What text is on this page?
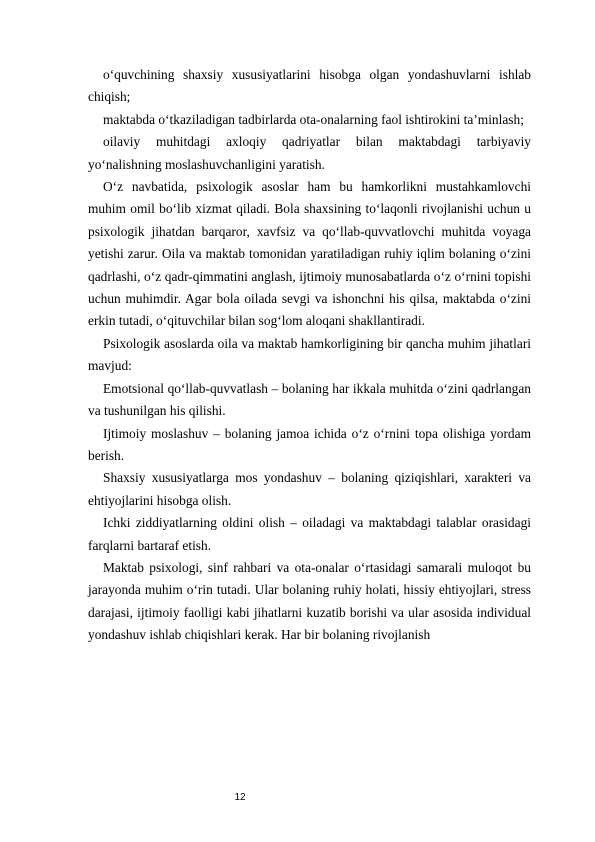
o‘quvchining shaxsiy xususiyatlarini hisobga olgan yondashuvlarni ishlab chiqish;

maktabda o‘tkaziladigan tadbirlarda ota-onalarning faol ishtirokini ta’minlash;

oilaviy muhitdagi axloqiy qadriyatlar bilan maktabdagi tarbiyaviy yo‘nalishning moslashuvchanligini yaratish.

O‘z navbatida, psixologik asoslar ham bu hamkorlikni mustahkamlovchi muhim omil bo‘lib xizmat qiladi. Bola shaxsining to‘laqonli rivojlanishi uchun u psixologik jihatdan barqaror, xavfsiz va qo‘llab-quvvatlovchi muhitda voyaga yetishi zarur. Oila va maktab tomonidan yaratiladigan ruhiy iqlim bolaning o‘zini qadrlashi, o‘z qadr-qimmatini anglash, ijtimoiy munosabatlarda o‘z o‘rnini topishi uchun muhimdir. Agar bola oilada sevgi va ishonchni his qilsa, maktabda o‘zini erkin tutadi, o‘qituvchilar bilan sog‘lom aloqani shakllantiradi.

Psixologik asoslarda oila va maktab hamkorligining bir qancha muhim jihatlari mavjud:

Emotsional qo‘llab-quvvatlash – bolaning har ikkala muhitda o‘zini qadrlangan va tushunilgan his qilishi.

Ijtimoiy moslashuv – bolaning jamoa ichida o‘z o‘rnini topa olishiga yordam berish.

Shaxsiy xususiyatlarga mos yondashuv – bolaning qiziqishlari, xarakteri va ehtiyojlarini hisobga olish.

Ichki ziddiyatlarning oldini olish – oiladagi va maktabdagi talablar orasidagi farqlarni bartaraf etish.

Maktab psixologi, sinf rahbari va ota-onalar o‘rtasidagi samarali muloqot bu jarayonda muhim o‘rin tutadi. Ular bolaning ruhiy holati, hissiy ehtiyojlari, stress darajasi, ijtimoiy faolligi kabi jihatlarni kuzatib borishi va ular asosida individual yondashuv ishlab chiqishlari kerak. Har bir bolaning rivojlanish

12
